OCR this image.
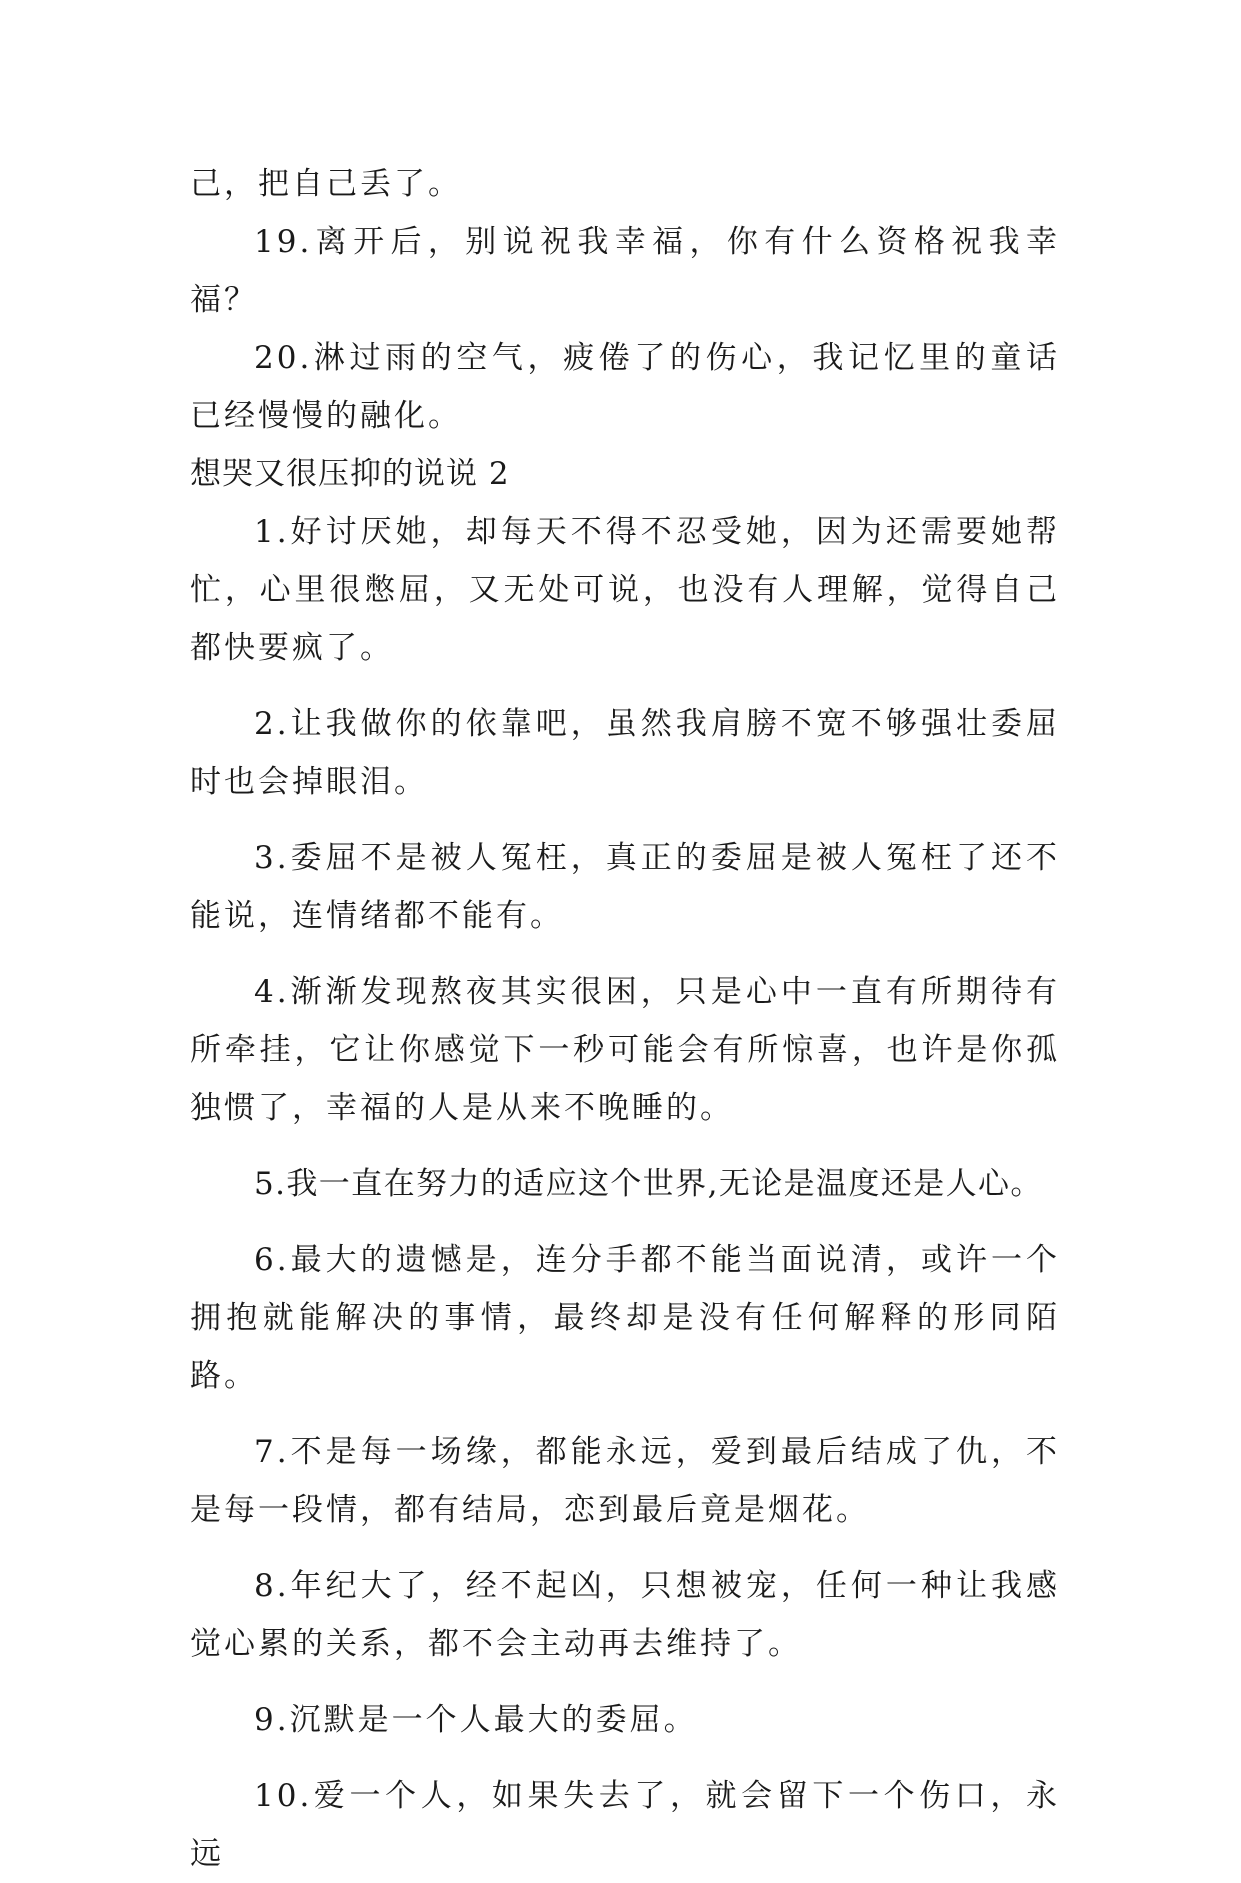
己，把自己丢了。

19.离开后，别说祝我幸福，你有什么资格祝我幸福？

20.淋过雨的空气，疲倦了的伤心，我记忆里的童话已经慢慢的融化。

想哭又很压抑的说说 2

1.好讨厌她，却每天不得不忍受她，因为还需要她帮忙，心里很憋屈，又无处可说，也没有人理解，觉得自己都快要疯了。

2.让我做你的依靠吧，虽然我肩膀不宽不够强壮委屈时也会掉眼泪。

3.委屈不是被人冤枉，真正的委屈是被人冤枉了还不能说，连情绪都不能有。

4.渐渐发现熬夜其实很困，只是心中一直有所期待有所牵挂，它让你感觉下一秒可能会有所惊喜，也许是你孤独惯了，幸福的人是从来不晚睡的。

5.我一直在努力的适应这个世界,无论是温度还是人心。

6.最大的遗憾是，连分手都不能当面说清，或许一个拥抱就能解决的事情，最终却是没有任何解释的形同陌路。

7.不是每一场缘，都能永远，爱到最后结成了仇，不是每一段情，都有结局，恋到最后竟是烟花。

8.年纪大了，经不起凶，只想被宠，任何一种让我感觉心累的关系，都不会主动再去维持了。

9.沉默是一个人最大的委屈。

10.爱一个人，如果失去了，就会留下一个伤口，永远
